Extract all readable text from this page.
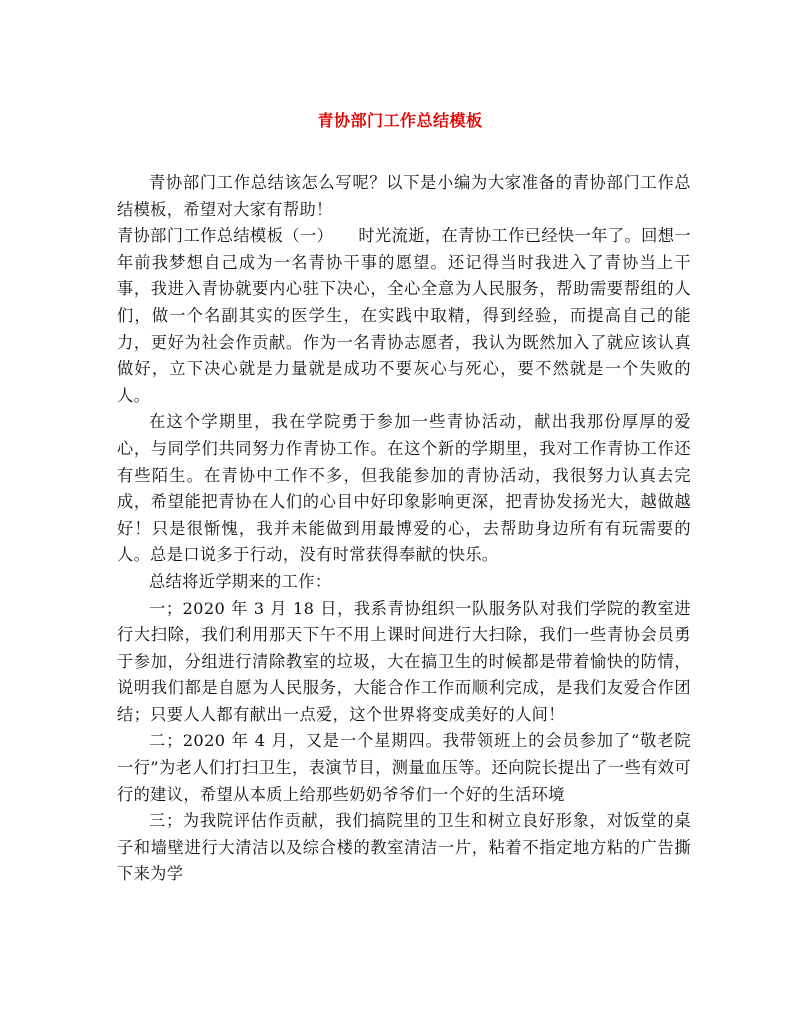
青协部门工作总结模板

青协部门工作总结该怎么写呢？以下是小编为大家准备的青协部门工作总结模板，希望对大家有帮助！

青协部门工作总结模板（一）　　时光流逝，在青协工作已经快一年了。回想一年前我梦想自己成为一名青协干事的愿望。还记得当时我进入了青协当上干事，我进入青协就要内心驻下决心，全心全意为人民服务，帮助需要帮组的人们，做一个名副其实的医学生，在实践中取精，得到经验，而提高自己的能力，更好为社会作贡献。作为一名青协志愿者，我认为既然加入了就应该认真做好，立下决心就是力量就是成功不要灰心与死心，要不然就是一个失败的人。

在这个学期里，我在学院勇于参加一些青协活动，献出我那份厚厚的爱心，与同学们共同努力作青协工作。在这个新的学期里，我对工作青协工作还有些陌生。在青协中工作不多，但我能参加的青协活动，我很努力认真去完成，希望能把青协在人们的心目中好印象影响更深，把青协发扬光大，越做越好！只是很惭愧，我并未能做到用最博爱的心，去帮助身边所有有玩需要的人。总是口说多于行动，没有时常获得奉献的快乐。

总结将近学期来的工作：

一；2020 年 3 月 18 日，我系青协组织一队服务队对我们学院的教室进行大扫除，我们利用那天下午不用上课时间进行大扫除，我们一些青协会员勇于参加，分组进行清除教室的垃圾，大在搞卫生的时候都是带着愉快的防情，说明我们都是自愿为人民服务，大能合作工作而顺利完成，是我们友爱合作团结；只要人人都有献出一点爱，这个世界将变成美好的人间！

二；2020 年 4 月，又是一个星期四。我带领班上的会员参加了“敬老院一行”为老人们打扫卫生，表演节目，测量血压等。还向院长提出了一些有效可行的建议，希望从本质上给那些奶奶爷爷们一个好的生活环境

三；为我院评估作贡献，我们搞院里的卫生和树立良好形象，对饭堂的桌子和墙壁进行大清洁以及综合楼的教室清洁一片，粘着不指定地方粘的广告撕下来为学
